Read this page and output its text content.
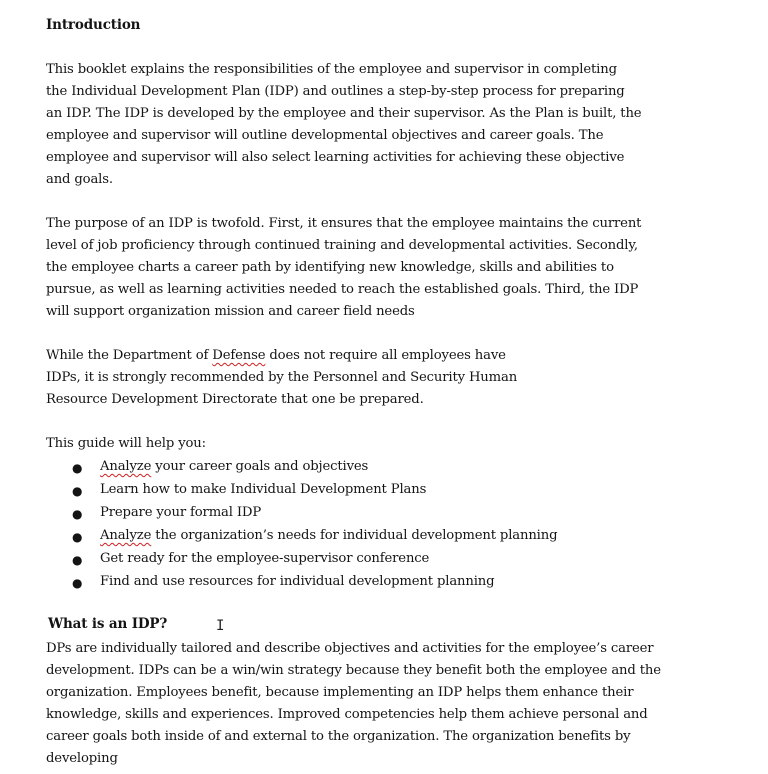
Introduction
This booklet explains the responsibilities of the employee and supervisor in completing
the Individual Development Plan (IDP) and outlines a step-by-step process for preparing
an IDP. The IDP is developed by the employee and their supervisor. As the Plan is built, the
employee and supervisor will outline developmental objectives and career goals. The
employee and supervisor will also select learning activities for achieving these objective
and goals.
The purpose of an IDP is twofold. First, it ensures that the employee maintains the current
level of job proficiency through continued training and developmental activities. Secondly,
the employee charts a career path by identifying new knowledge, skills and abilities to
pursue, as well as learning activities needed to reach the established goals. Third, the IDP
will support organization mission and career field needs
While the Department of Defense does not require all employees have
IDPs, it is strongly recommended by the Personnel and Security Human
Resource Development Directorate that one be prepared.
This guide will help you:
● Analyze your career goals and objectives
● Learn how to make Individual Development Plans
● Prepare your formal IDP
● Analyze the organization’s needs for individual development planning
● Get ready for the employee-supervisor conference
● Find and use resources for individual development planning
What is an IDP?	I
DPs are individually tailored and describe objectives and activities for the employee’s career
development. IDPs can be a win/win strategy because they benefit both the employee and the
organization. Employees benefit, because implementing an IDP helps them enhance their
knowledge, skills and experiences. Improved competencies help them achieve personal and
career goals both inside of and external to the organization. The organization benefits by
developing
